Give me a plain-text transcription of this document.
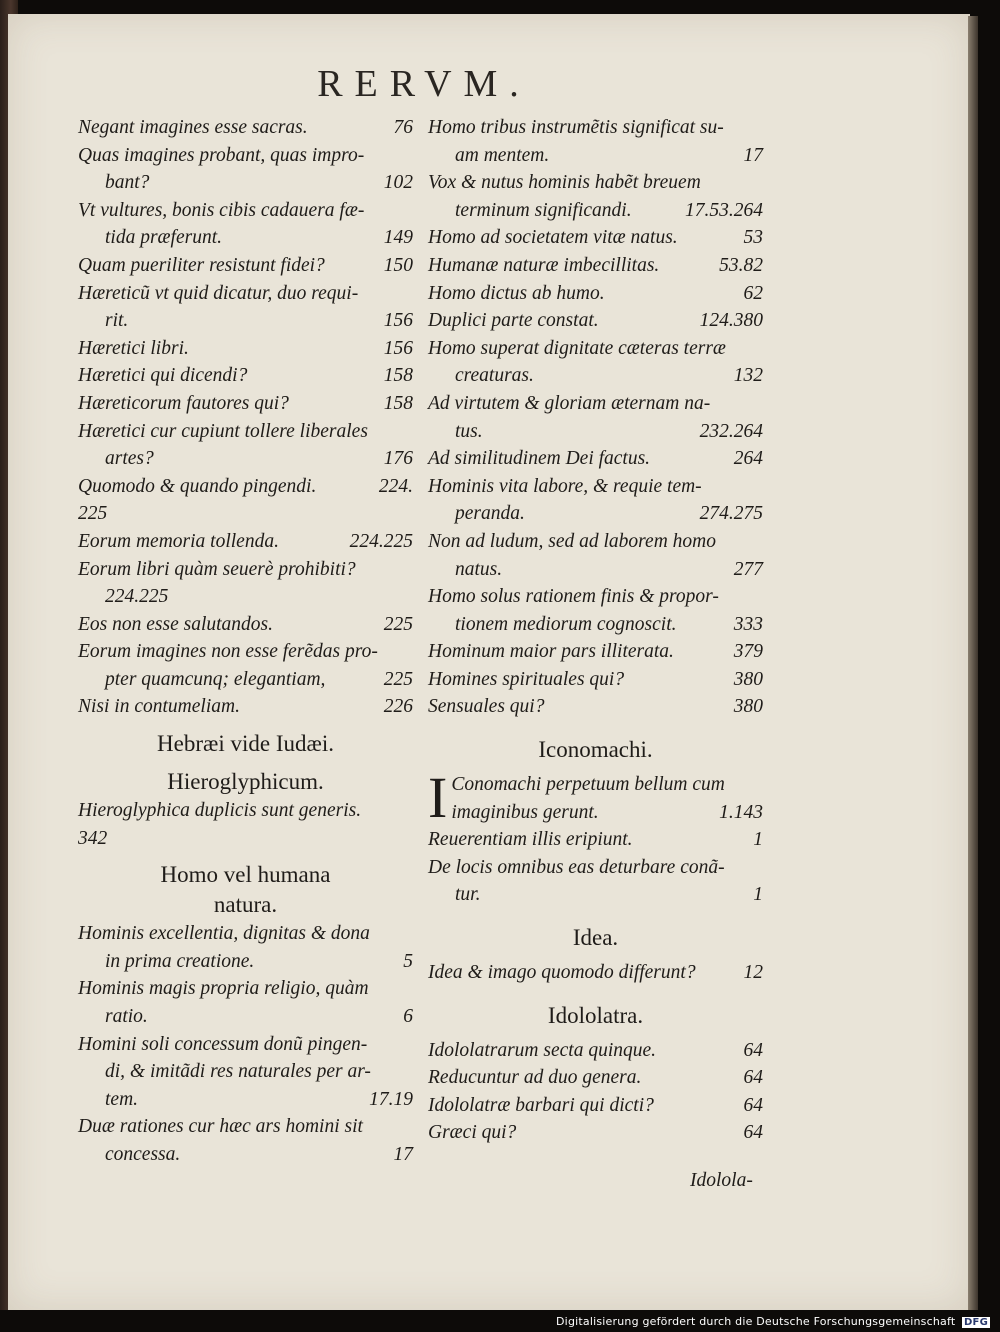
RERVM.
Negant imagines esse sacras.	76
Quas imagines probant, quas impro-
bant?	102
Vt vultures, bonis cibis cadauera fæ-
tida præferunt.	149
Quam pueriliter resistunt fidei?	150
Hæreticũ vt quid dicatur, duo requi-
rit.	156
Hæretici libri.	156
Hæretici qui dicendi?	158
Hæreticorum fautores qui?	158
Hæretici cur cupiunt tollere liberales
artes?	176
Quomodo & quando pingendi.	224.
225
Eorum memoria tollenda.	224.225
Eorum libri quàm seuerè prohibiti?
224.225
Eos non esse salutandos.	225
Eorum imagines non esse ferẽdas pro-
pter quamcunq; elegantiam,	225
Nisi in contumeliam.	226
Hebræi vide Iudæi.
Hieroglyphicum.
Hieroglyphica duplicis sunt generis.
342
Homo vel humana
natura.
Hominis excellentia, dignitas & dona
in prima creatione.	5
Hominis magis propria religio, quàm
ratio.	6
Homini soli concessum donũ pingen-
di, & imitãdi res naturales per ar-
tem.	17.19
Duæ rationes cur hæc ars homini sit
concessa.	17
Homo tribus instrumẽtis significat su-
am mentem.	17
Vox & nutus hominis habẽt breuem
terminum significandi.	17.53.264
Homo ad societatem vitæ natus.	53
Humanæ naturæ imbecillitas.	53.82
Homo dictus ab humo.	62
Duplici parte constat.	124.380
Homo superat dignitate cæteras terræ
creaturas.	132
Ad virtutem & gloriam æternam na-
tus.	232.264
Ad similitudinem Dei factus.	264
Hominis vita labore, & requie tem-
peranda.	274.275
Non ad ludum, sed ad laborem homo
natus.	277
Homo solus rationem finis & propor-
tionem mediorum cognoscit.	333
Hominum maior pars illiterata.	379
Homines spirituales qui?	380
Sensuales qui?	380
Iconomachi.
I Conomachi perpetuum bellum cum
imaginibus gerunt.	1.143
Reuerentiam illis eripiunt.	1
De locis omnibus eas deturbare conã-
tur.	1
Idea.
Idea & imago quomodo differunt?	12
Idololatra.
Idololatrarum secta quinque.	64
Reducuntur ad duo genera.	64
Idololatræ barbari qui dicti?	64
Græci qui?	64
Idolola-
Digitalisierung gefördert durch die Deutsche Forschungsgemeinschaft DFG
